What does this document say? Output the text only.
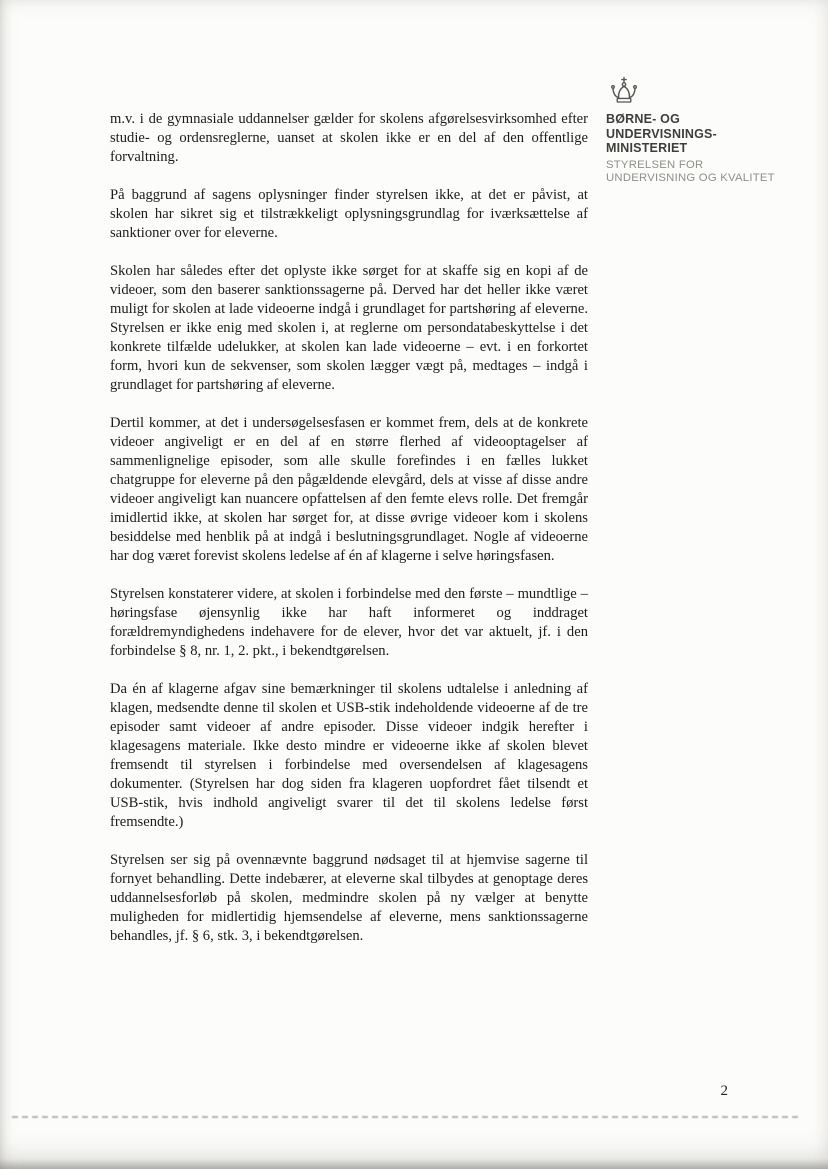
BØRNE- OG
UNDERVISNINGS-
MINISTERIET
STYRELSEN FOR
UNDERVISNING OG KVALITET

m.v. i de gymnasiale uddannelser gælder for skolens afgørelsesvirksomhed efter studie- og ordensreglerne, uanset at skolen ikke er en del af den offentlige forvaltning.

På baggrund af sagens oplysninger finder styrelsen ikke, at det er påvist, at skolen har sikret sig et tilstrækkeligt oplysningsgrundlag for iværksættelse af sanktioner over for eleverne.

Skolen har således efter det oplyste ikke sørget for at skaffe sig en kopi af de videoer, som den baserer sanktionssagerne på. Derved har det heller ikke været muligt for skolen at lade videoerne indgå i grundlaget for partshøring af eleverne. Styrelsen er ikke enig med skolen i, at reglerne om persondatabeskyttelse i det konkrete tilfælde udelukker, at skolen kan lade videoerne – evt. i en forkortet form, hvori kun de sekvenser, som skolen lægger vægt på, medtages – indgå i grundlaget for partshøring af eleverne.

Dertil kommer, at det i undersøgelsesfasen er kommet frem, dels at de konkrete videoer angiveligt er en del af en større flerhed af videooptagelser af sammenlignelige episoder, som alle skulle forefindes i en fælles lukket chatgruppe for eleverne på den pågældende elevgård, dels at visse af disse andre videoer angiveligt kan nuancere opfattelsen af den femte elevs rolle. Det fremgår imidlertid ikke, at skolen har sørget for, at disse øvrige videoer kom i skolens besiddelse med henblik på at indgå i beslutningsgrundlaget. Nogle af videoerne har dog været forevist skolens ledelse af én af klagerne i selve høringsfasen.

Styrelsen konstaterer videre, at skolen i forbindelse med den første – mundtlige – høringsfase øjensynlig ikke har haft informeret og inddraget forældremyndighedens indehavere for de elever, hvor det var aktuelt, jf. i den forbindelse § 8, nr. 1, 2. pkt., i bekendtgørelsen.

Da én af klagerne afgav sine bemærkninger til skolens udtalelse i anledning af klagen, medsendte denne til skolen et USB-stik indeholdende videoerne af de tre episoder samt videoer af andre episoder. Disse videoer indgik herefter i klagesagens materiale. Ikke desto mindre er videoerne ikke af skolen blevet fremsendt til styrelsen i forbindelse med oversendelsen af klagesagens dokumenter. (Styrelsen har dog siden fra klageren uopfordret fået tilsendt et USB-stik, hvis indhold angiveligt svarer til det til skolens ledelse først fremsendte.)

Styrelsen ser sig på ovennævnte baggrund nødsaget til at hjemvise sagerne til fornyet behandling. Dette indebærer, at eleverne skal tilbydes at genoptage deres uddannelsesforløb på skolen, medmindre skolen på ny vælger at benytte muligheden for midlertidig hjemsendelse af eleverne, mens sanktionssagerne behandles, jf. § 6, stk. 3, i bekendtgørelsen.

2
